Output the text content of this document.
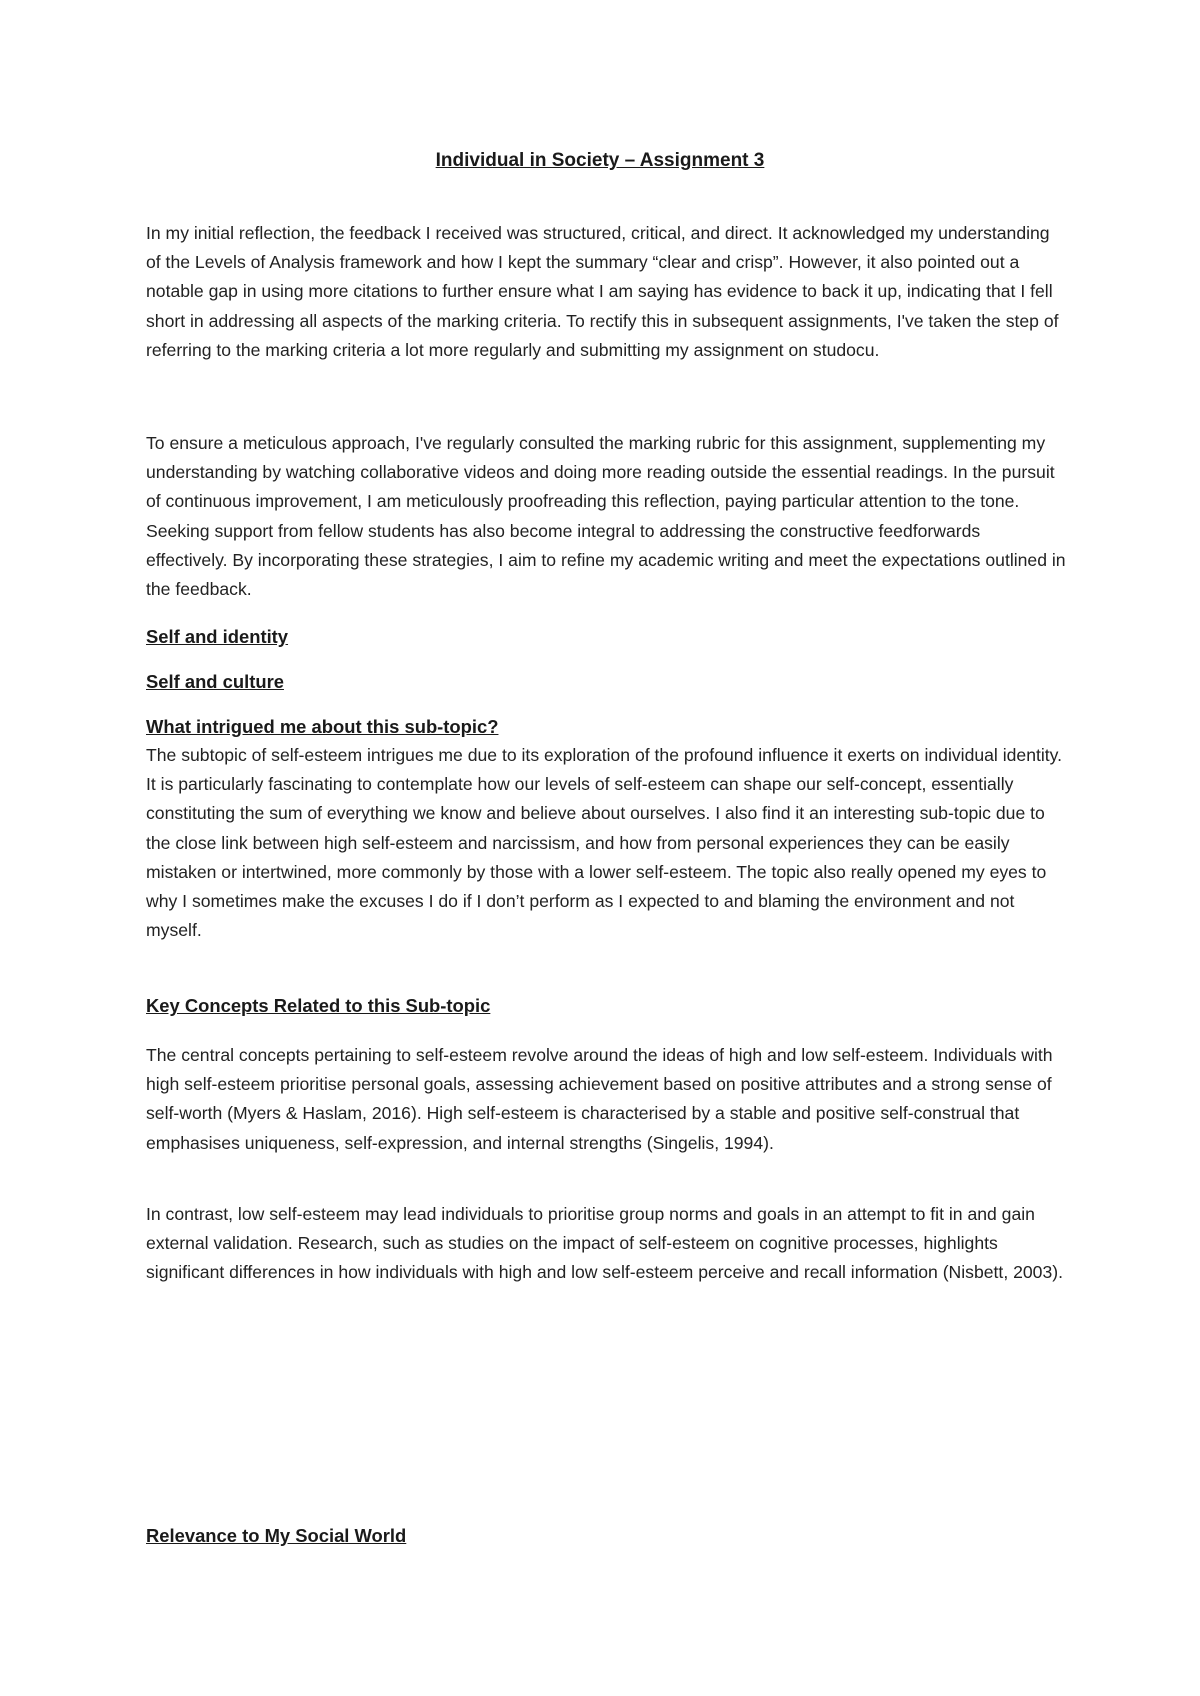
Individual in Society – Assignment 3

In my initial reflection, the feedback I received was structured, critical, and direct. It acknowledged my understanding of the Levels of Analysis framework and how I kept the summary “clear and crisp”. However, it also pointed out a notable gap in using more citations to further ensure what I am saying has evidence to back it up, indicating that I fell short in addressing all aspects of the marking criteria. To rectify this in subsequent assignments, I've taken the step of referring to the marking criteria a lot more regularly and submitting my assignment on studocu.

To ensure a meticulous approach, I've regularly consulted the marking rubric for this assignment, supplementing my understanding by watching collaborative videos and doing more reading outside the essential readings. In the pursuit of continuous improvement, I am meticulously proofreading this reflection, paying particular attention to the tone. Seeking support from fellow students has also become integral to addressing the constructive feedforwards effectively. By incorporating these strategies, I aim to refine my academic writing and meet the expectations outlined in the feedback.

Self and identity

Self and culture

What intrigued me about this sub-topic?

The subtopic of self-esteem intrigues me due to its exploration of the profound influence it exerts on individual identity. It is particularly fascinating to contemplate how our levels of self-esteem can shape our self-concept, essentially constituting the sum of everything we know and believe about ourselves. I also find it an interesting sub-topic due to the close link between high self-esteem and narcissism, and how from personal experiences they can be easily mistaken or intertwined, more commonly by those with a lower self-esteem. The topic also really opened my eyes to why I sometimes make the excuses I do if I don’t perform as I expected to and blaming the environment and not myself.

Key Concepts Related to this Sub-topic

The central concepts pertaining to self-esteem revolve around the ideas of high and low self-esteem. Individuals with high self-esteem prioritise personal goals, assessing achievement based on positive attributes and a strong sense of self-worth (Myers & Haslam, 2016). High self-esteem is characterised by a stable and positive self-construal that emphasises uniqueness, self-expression, and internal strengths (Singelis, 1994).

In contrast, low self-esteem may lead individuals to prioritise group norms and goals in an attempt to fit in and gain external validation. Research, such as studies on the impact of self-esteem on cognitive processes, highlights significant differences in how individuals with high and low self-esteem perceive and recall information (Nisbett, 2003).

Relevance to My Social World
